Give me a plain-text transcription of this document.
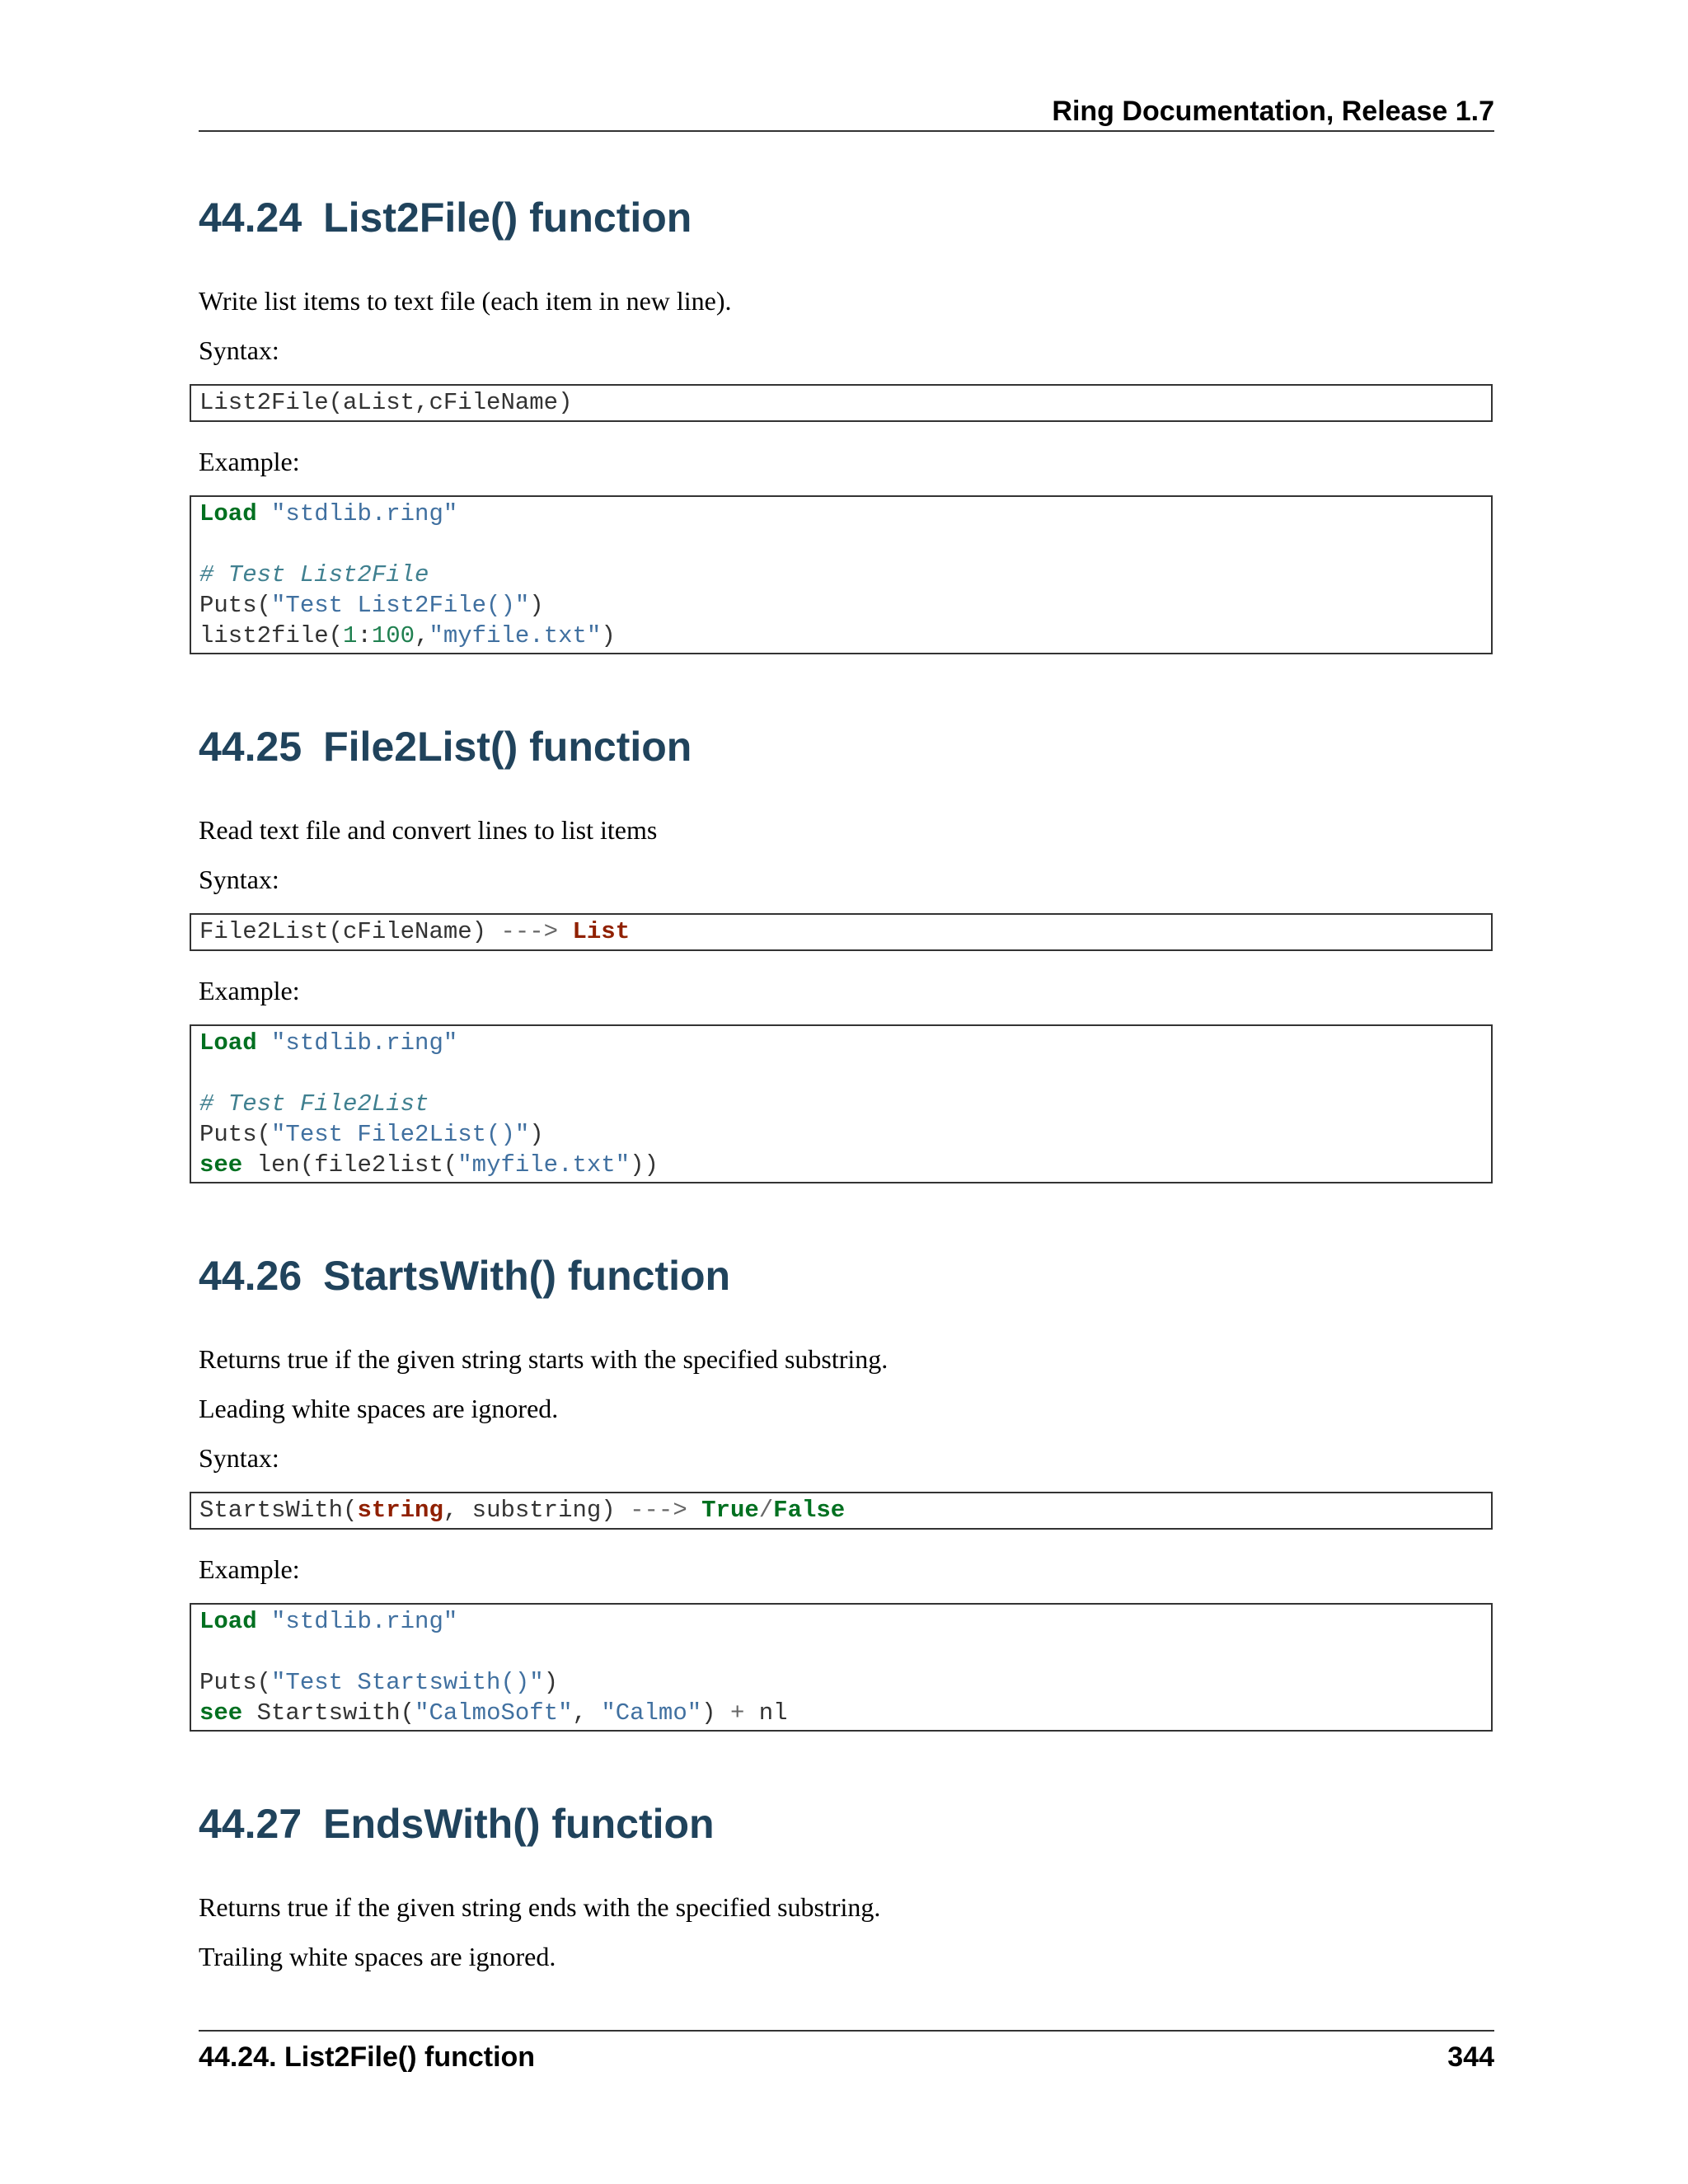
Ring Documentation, Release 1.7
44.24 List2File() function

Write list items to text file (each item in new line).

Syntax:

List2File(aList,cFileName)

Example:

Load "stdlib.ring"
# Test List2File
Puts("Test List2File()")
list2file(1:100,"myfile.txt")
44.25 File2List() function

Read text file and convert lines to list items

Syntax:

File2List(cFileName) ---> List

Example:

Load "stdlib.ring"
# Test File2List
Puts("Test File2List()")
see len(file2list("myfile.txt"))
44.26 StartsWith() function

Returns true if the given string starts with the specified substring.

Leading white spaces are ignored.

Syntax:

StartsWith(string, substring) ---> True/False

Example:

Load "stdlib.ring"
Puts("Test Startswith()")
see Startswith("CalmoSoft", "Calmo") + nl
44.27 EndsWith() function

Returns true if the given string ends with the specified substring.

Trailing white spaces are ignored.

44.24. List2File() function	344
